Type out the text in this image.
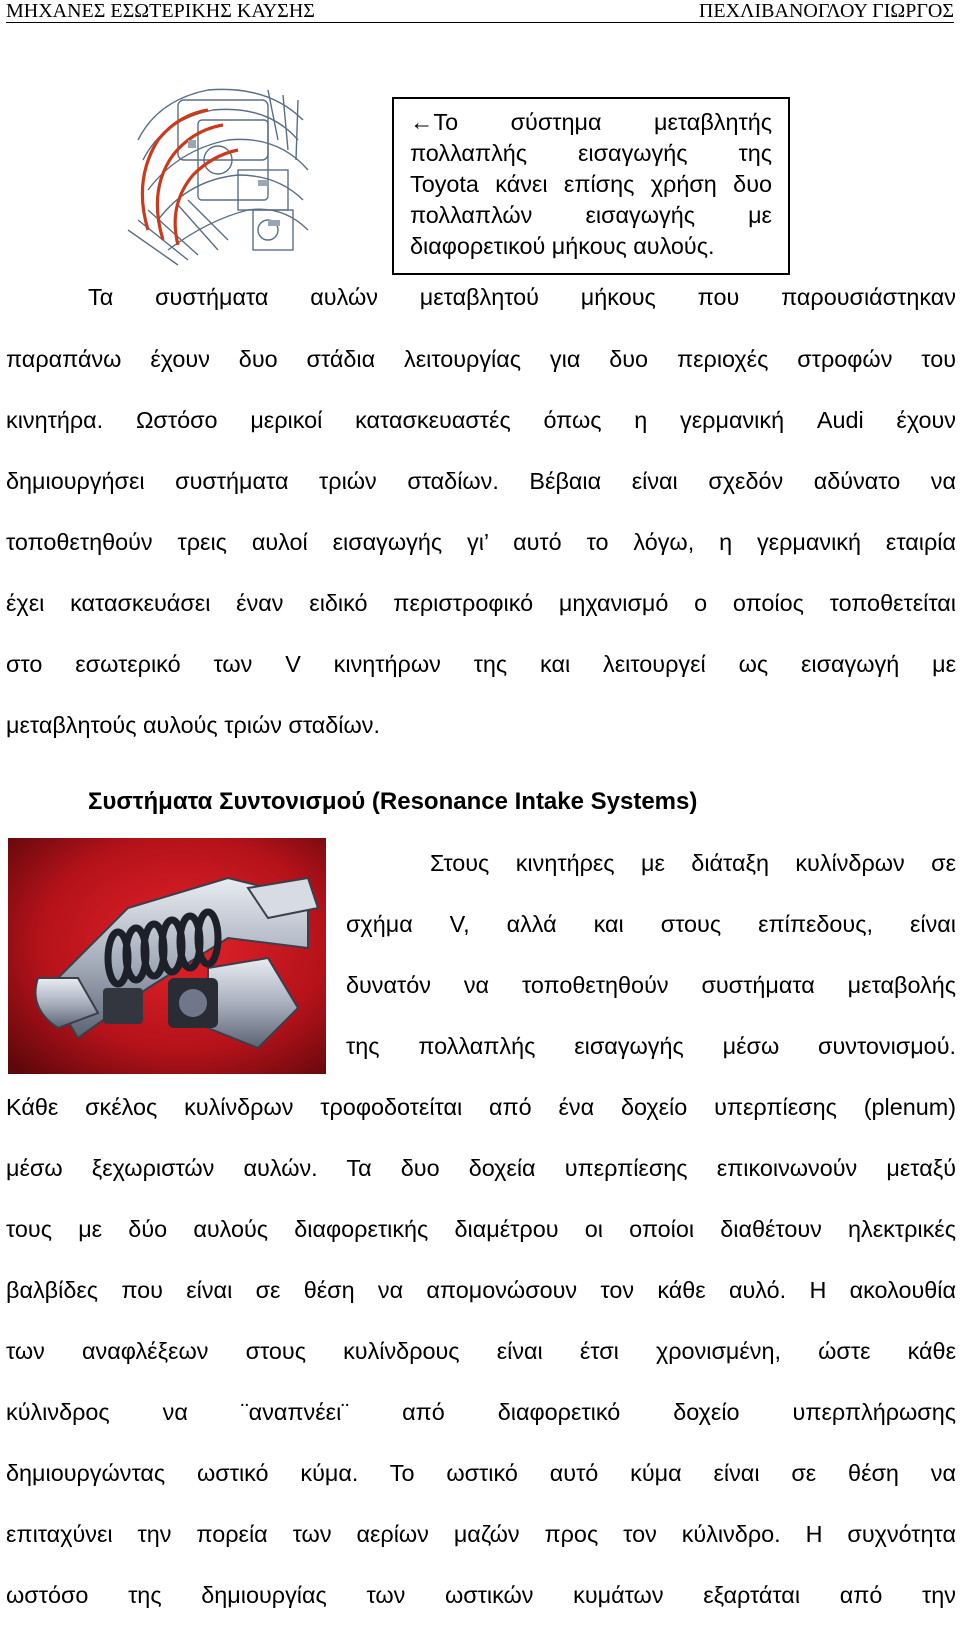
ΜΗΧΑΝΕΣ ΕΣΩΤΕΡΙΚΗΣ ΚΑΥΣΗΣ	ΠΕΧΛΙΒΑΝΟΓΛΟΥ ΓΙΩΡΓΟΣ

←Το σύστημα μεταβλητής

πολλαπλής εισαγωγής της

Toyota κάνει επίσης χρήση δυο

πολλαπλών εισαγωγής με

διαφορετικού μήκους αυλούς.

Τα συστήματα αυλών μεταβλητού μήκους που παρουσιάστηκαν
παραπάνω έχουν δυο στάδια λειτουργίας για δυο περιοχές στροφών του
κινητήρα. Ωστόσο μερικοί κατασκευαστές όπως η γερμανική Audi έχουν
δημιουργήσει συστήματα τριών σταδίων. Βέβαια είναι σχεδόν αδύνατο να
τοποθετηθούν τρεις αυλοί εισαγωγής γι’ αυτό το λόγω, η γερμανική εταιρία
έχει κατασκευάσει έναν ειδικό περιστροφικό μηχανισμό ο οποίος τοποθετείται
στο εσωτερικό των V κινητήρων της και λειτουργεί ως εισαγωγή με
μεταβλητούς αυλούς τριών σταδίων.
Συστήματα Συντονισμού (Resonance Intake Systems)
Στους κινητήρες με διάταξη κυλίνδρων σε
σχήμα V, αλλά και στους επίπεδους, είναι
δυνατόν να τοποθετηθούν συστήματα μεταβολής
της πολλαπλής εισαγωγής μέσω συντονισμού.
Κάθε σκέλος κυλίνδρων τροφοδοτείται από ένα δοχείο υπερπίεσης (plenum)
μέσω ξεχωριστών αυλών. Τα δυο δοχεία υπερπίεσης επικοινωνούν μεταξύ
τους με δύο αυλούς διαφορετικής διαμέτρου οι οποίοι διαθέτουν ηλεκτρικές
βαλβίδες που είναι σε θέση να απομονώσουν τον κάθε αυλό. Η ακολουθία
των αναφλέξεων στους κυλίνδρους είναι έτσι χρονισμένη, ώστε κάθε
κύλινδρος να ¨αναπνέει¨ από διαφορετικό δοχείο υπερπλήρωσης
δημιουργώντας ωστικό κύμα. Το ωστικό αυτό κύμα είναι σε θέση να
επιταχύνει την πορεία των αερίων μαζών προς τον κύλινδρο. Η συχνότητα
ωστόσο της δημιουργίας των ωστικών κυμάτων εξαρτάται από την
